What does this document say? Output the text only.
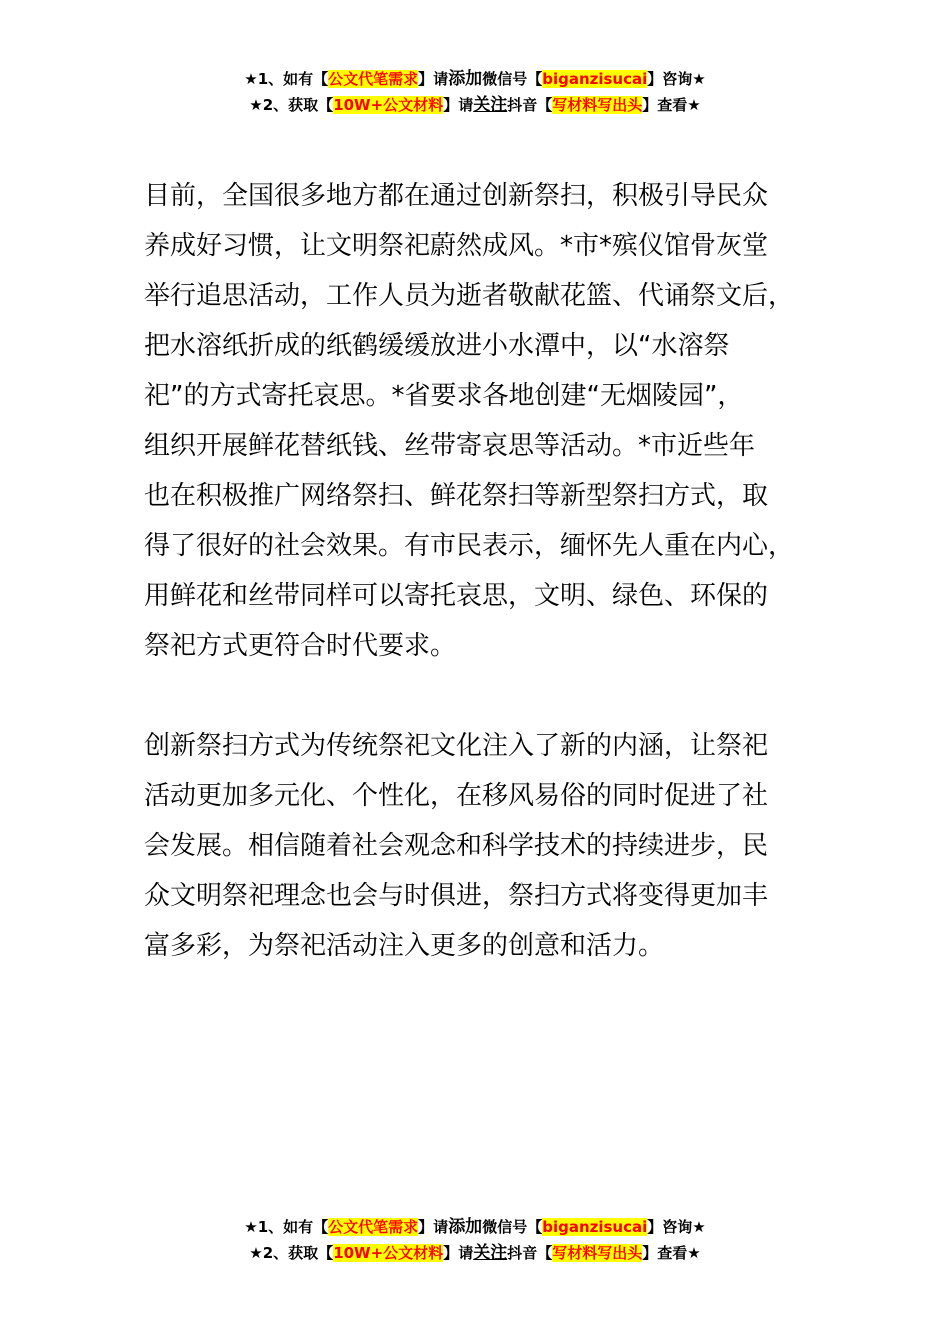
★1、如有【公文代笔需求】请添加微信号【biganzisucai】咨询★
★2、获取【10W+公文材料】请关注抖音【写材料写出头】查看★

目前，全国很多地方都在通过创新祭扫，积极引导民众
养成好习惯，让文明祭祀蔚然成风。*市*殡仪馆骨灰堂
举行追思活动，工作人员为逝者敬献花篮、代诵祭文后，
把水溶纸折成的纸鹤缓缓放进小水潭中，以“水溶祭
祀”的方式寄托哀思。*省要求各地创建“无烟陵园”，
组织开展鲜花替纸钱、丝带寄哀思等活动。*市近些年
也在积极推广网络祭扫、鲜花祭扫等新型祭扫方式，取
得了很好的社会效果。有市民表示，缅怀先人重在内心，
用鲜花和丝带同样可以寄托哀思，文明、绿色、环保的
祭祀方式更符合时代要求。

创新祭扫方式为传统祭祀文化注入了新的内涵，让祭祀
活动更加多元化、个性化，在移风易俗的同时促进了社
会发展。相信随着社会观念和科学技术的持续进步，民
众文明祭祀理念也会与时俱进，祭扫方式将变得更加丰
富多彩，为祭祀活动注入更多的创意和活力。

★1、如有【公文代笔需求】请添加微信号【biganzisucai】咨询★
★2、获取【10W+公文材料】请关注抖音【写材料写出头】查看★
